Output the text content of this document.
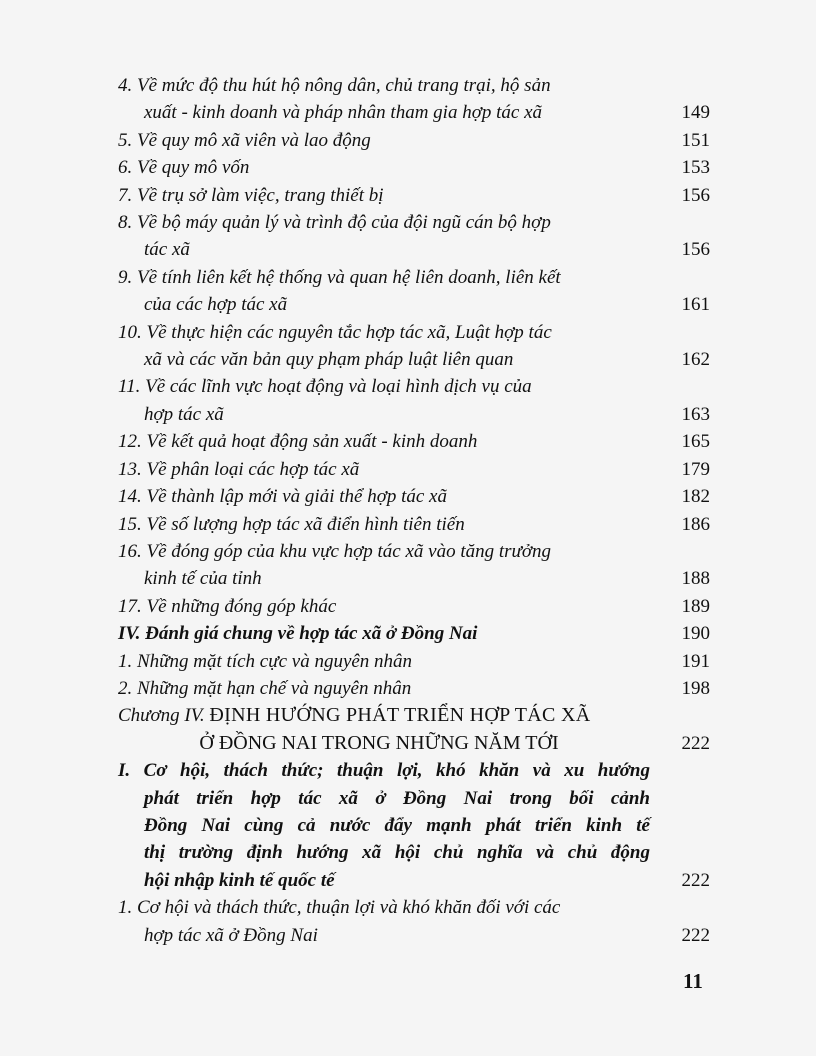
4. Về mức độ thu hút hộ nông dân, chủ trang trại, hộ sản
xuất - kinh doanh và pháp nhân tham gia hợp tác xã	149
5. Về quy mô xã viên và lao động	151
6. Về quy mô vốn	153
7. Về trụ sở làm việc, trang thiết bị	156
8. Về bộ máy quản lý và trình độ của đội ngũ cán bộ hợp
tác xã	156
9. Về tính liên kết hệ thống và quan hệ liên doanh, liên kết
của các hợp tác xã	161
10. Về thực hiện các nguyên tắc hợp tác xã, Luật hợp tác
xã và các văn bản quy phạm pháp luật liên quan	162
11. Về các lĩnh vực hoạt động và loại hình dịch vụ của
hợp tác xã	163
12. Về kết quả hoạt động sản xuất - kinh doanh	165
13. Về phân loại các hợp tác xã	179
14. Về thành lập mới và giải thể hợp tác xã	182
15. Về số lượng hợp tác xã điển hình tiên tiến	186
16. Về đóng góp của khu vực hợp tác xã vào tăng trưởng
kinh tế của tỉnh	188
17. Về những đóng góp khác	189
IV. Đánh giá chung về hợp tác xã ở Đồng Nai	190
1. Những mặt tích cực và nguyên nhân	191
2. Những mặt hạn chế và nguyên nhân	198
Chương IV. ĐỊNH HƯỚNG PHÁT TRIỂN HỢP TÁC XÃ
Ở ĐỒNG NAI TRONG NHỮNG NĂM TỚI	222
I. Cơ hội, thách thức; thuận lợi, khó khăn và xu hướng
phát triển hợp tác xã ở Đồng Nai trong bối cảnh
Đồng Nai cùng cả nước đẩy mạnh phát triển kinh tế
thị trường định hướng xã hội chủ nghĩa và chủ động
hội nhập kinh tế quốc tế	222
1. Cơ hội và thách thức, thuận lợi và khó khăn đối với các
hợp tác xã ở Đồng Nai	222
11
